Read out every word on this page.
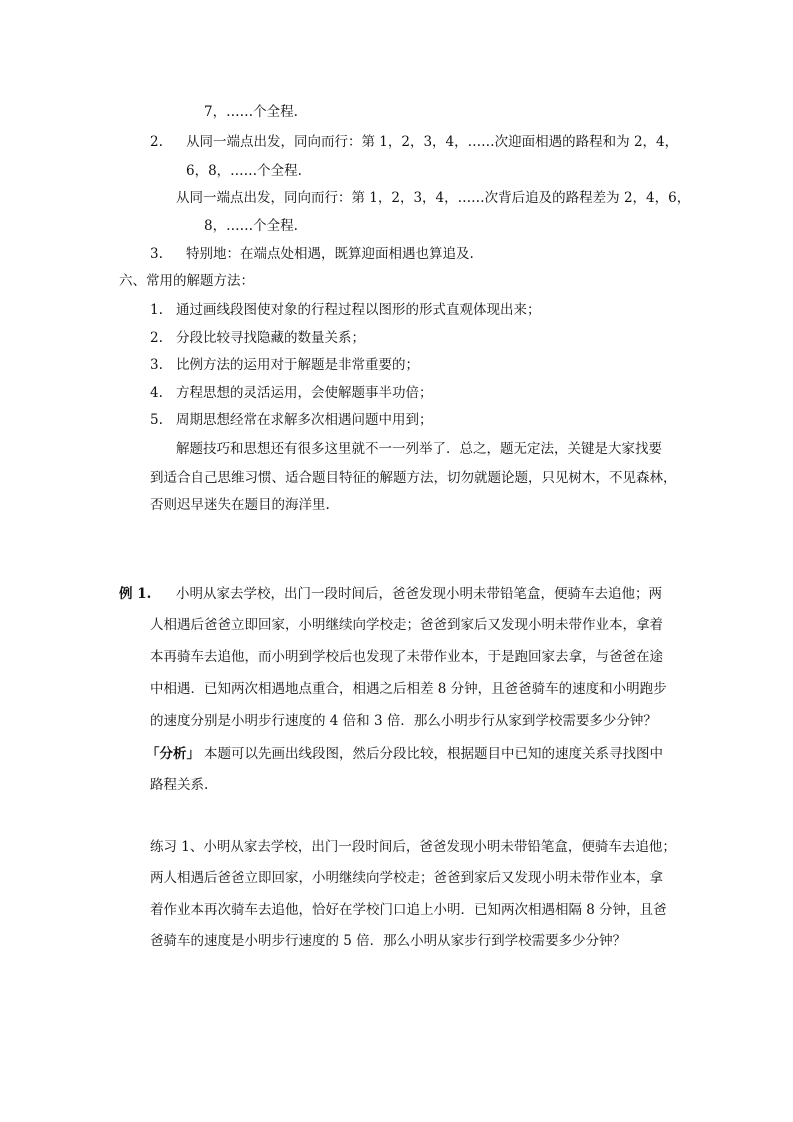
7，……个全程.
2. 从同一端点出发，同向而行：第 1，2，3，4，……次迎面相遇的路程和为 2，4，
6，8，……个全程.
从同一端点出发，同向而行：第 1，2，3，4，……次背后追及的路程差为 2，4，6，
8，……个全程.
3. 特别地：在端点处相遇，既算迎面相遇也算追及.
六、常用的解题方法：
1. 通过画线段图使对象的行程过程以图形的形式直观体现出来；
2. 分段比较寻找隐藏的数量关系；
3. 比例方法的运用对于解题是非常重要的；
4. 方程思想的灵活运用，会使解题事半功倍；
5. 周期思想经常在求解多次相遇问题中用到；
解题技巧和思想还有很多这里就不一一列举了．总之，题无定法，关键是大家找要
到适合自己思维习惯、适合题目特征的解题方法，切勿就题论题，只见树木，不见森林，
否则迟早迷失在题目的海洋里.
例 1. 小明从家去学校，出门一段时间后，爸爸发现小明未带铅笔盒，便骑车去追他；两
人相遇后爸爸立即回家，小明继续向学校走；爸爸到家后又发现小明未带作业本，拿着
本再骑车去追他，而小明到学校后也发现了未带作业本，于是跑回家去拿，与爸爸在途
中相遇．已知两次相遇地点重合，相遇之后相差 8 分钟，且爸爸骑车的速度和小明跑步
的速度分别是小明步行速度的 4 倍和 3 倍．那么小明步行从家到学校需要多少分钟？
「分析」 本题可以先画出线段图，然后分段比较，根据题目中已知的速度关系寻找图中
路程关系.
练习 1、小明从家去学校，出门一段时间后，爸爸发现小明未带铅笔盒，便骑车去追他；
两人相遇后爸爸立即回家，小明继续向学校走；爸爸到家后又发现小明未带作业本，拿
着作业本再次骑车去追他，恰好在学校门口追上小明．已知两次相遇相隔 8 分钟，且爸
爸骑车的速度是小明步行速度的 5 倍．那么小明从家步行到学校需要多少分钟？
